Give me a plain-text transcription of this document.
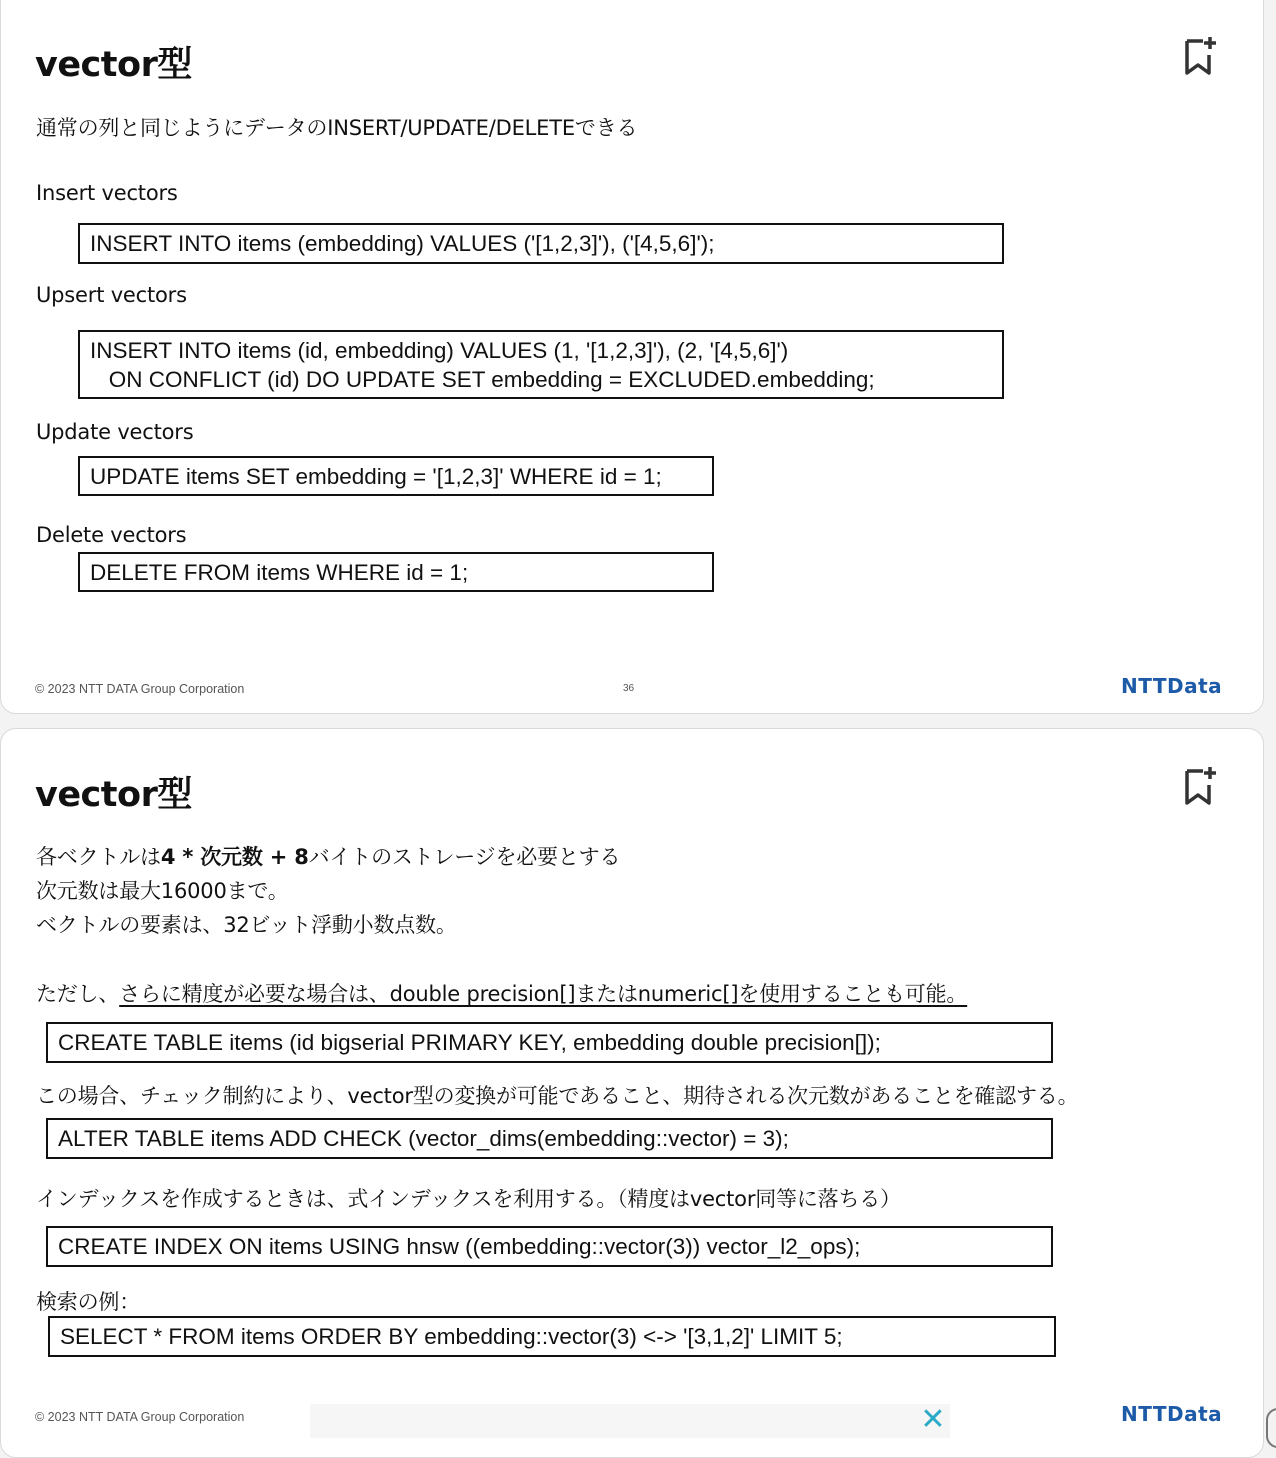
vector型
通常の列と同じようにデータのINSERT/UPDATE/DELETEできる
Insert vectors
INSERT INTO items (embedding) VALUES ('[1,2,3]'), ('[4,5,6]');
Upsert vectors
INSERT INTO items (id, embedding) VALUES (1, '[1,2,3]'), (2, '[4,5,6]')
ON CONFLICT (id) DO UPDATE SET embedding = EXCLUDED.embedding;
Update vectors
UPDATE items SET embedding = '[1,2,3]' WHERE id = 1;
Delete vectors
DELETE FROM items WHERE id = 1;
© 2023 NTT DATA Group Corporation	36	NTTData
vector型
各ベクトルは4 * 次元数 + 8バイトのストレージを必要とする
次元数は最大16000まで。
ベクトルの要素は、32ビット浮動小数点数。
ただし、さらに精度が必要な場合は、double precision[]またはnumeric[]を使用することも可能。
CREATE TABLE items (id bigserial PRIMARY KEY, embedding double precision[]);
この場合、チェック制約により、vector型の変換が可能であること、期待される次元数があることを確認する。
ALTER TABLE items ADD CHECK (vector_dims(embedding::vector) = 3);
インデックスを作成するときは、式インデックスを利用する。（精度はvector同等に落ちる）
CREATE INDEX ON items USING hnsw ((embedding::vector(3)) vector_l2_ops);
検索の例：
SELECT * FROM items ORDER BY embedding::vector(3) <-> '[3,1,2]' LIMIT 5;
© 2023 NTT DATA Group Corporation	NTTData
✕
